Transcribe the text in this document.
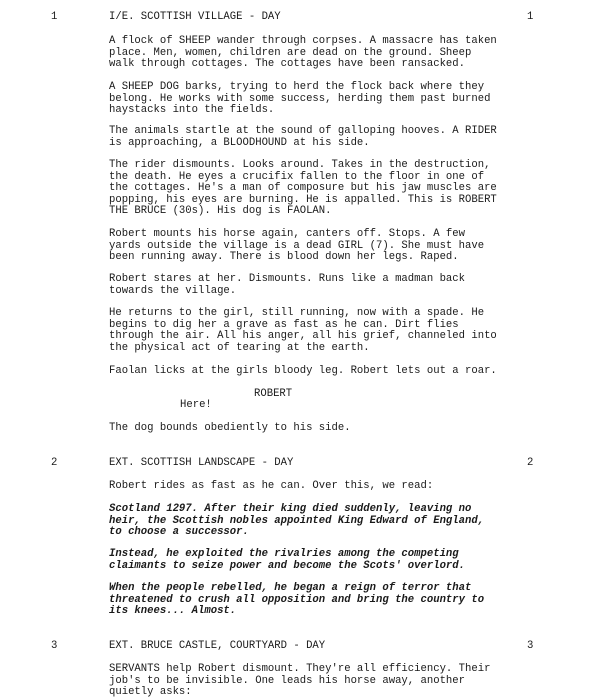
1	I/E. SCOTTISH VILLAGE - DAY	1
A flock of SHEEP wander through corpses. A massacre has taken
place. Men, women, children are dead on the ground. Sheep
walk through cottages. The cottages have been ransacked.
A SHEEP DOG barks, trying to herd the flock back where they
belong. He works with some success, herding them past burned
haystacks into the fields.
The animals startle at the sound of galloping hooves. A RIDER
is approaching, a BLOODHOUND at his side.
The rider dismounts. Looks around. Takes in the destruction,
the death. He eyes a crucifix fallen to the floor in one of
the cottages. He's a man of composure but his jaw muscles are
popping, his eyes are burning. He is appalled. This is ROBERT
THE BRUCE (30s). His dog is FAOLAN.
Robert mounts his horse again, canters off. Stops. A few
yards outside the village is a dead GIRL (7). She must have
been running away. There is blood down her legs. Raped.
Robert stares at her. Dismounts. Runs like a madman back
towards the village.
He returns to the girl, still running, now with a spade. He
begins to dig her a grave as fast as he can. Dirt flies
through the air. All his anger, all his grief, channeled into
the physical act of tearing at the earth.
Faolan licks at the girls bloody leg. Robert lets out a roar.
ROBERT
Here!
The dog bounds obediently to his side.
2	EXT. SCOTTISH LANDSCAPE - DAY	2
Robert rides as fast as he can. Over this, we read:
Scotland 1297. After their king died suddenly, leaving no
heir, the Scottish nobles appointed King Edward of England,
to choose a successor.
Instead, he exploited the rivalries among the competing
claimants to seize power and become the Scots' overlord.
When the people rebelled, he began a reign of terror that
threatened to crush all opposition and bring the country to
its knees... Almost.
3	EXT. BRUCE CASTLE, COURTYARD - DAY	3
SERVANTS help Robert dismount. They're all efficiency. Their
job's to be invisible. One leads his horse away, another
quietly asks:
